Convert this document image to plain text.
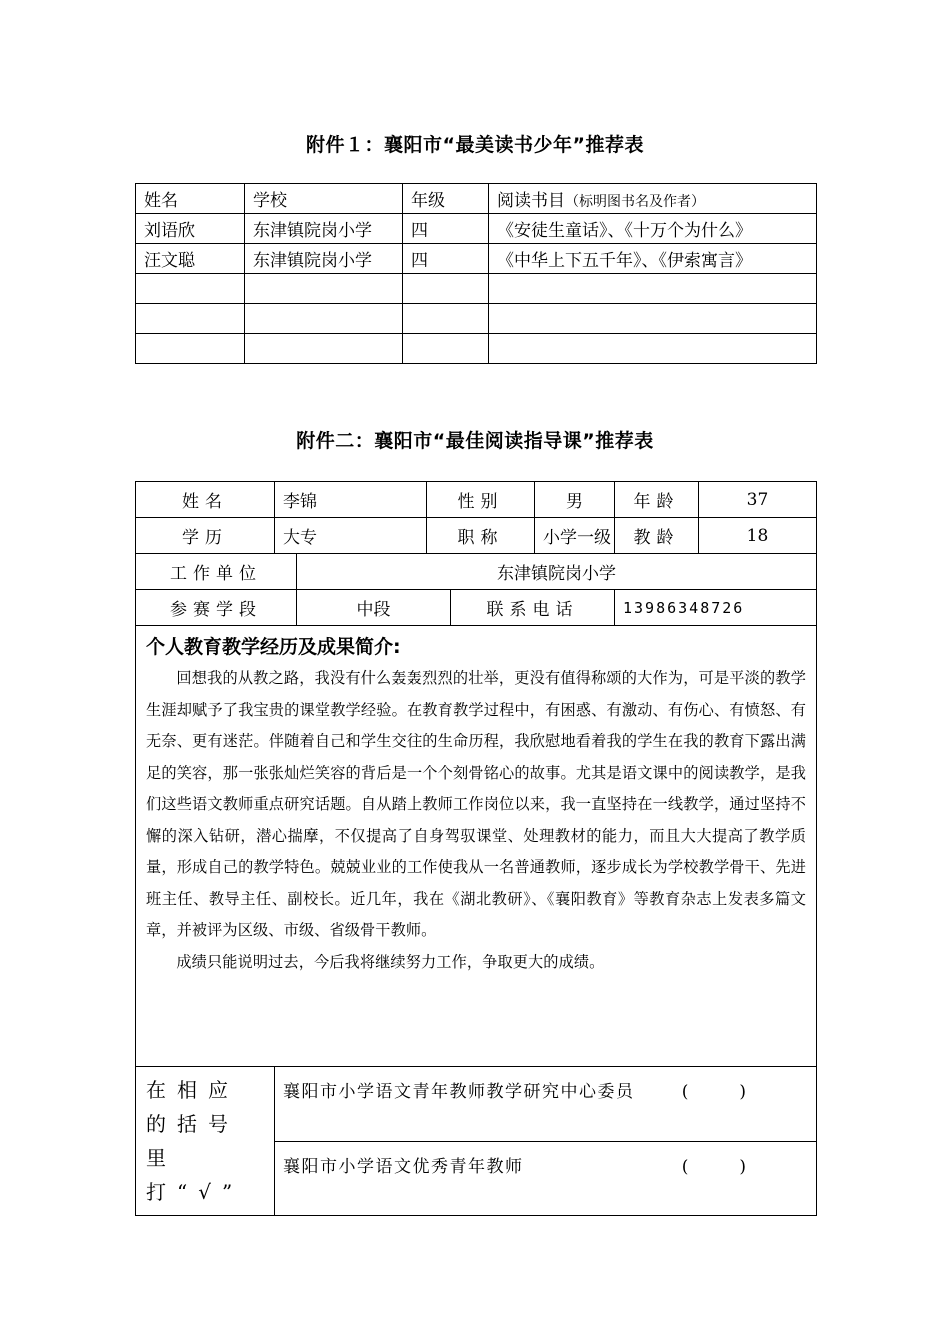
附件１：襄阳市“最美读书少年”推荐表
姓名	学校	年级	阅读书目（标明图书名及作者）
刘语欣	东津镇院岗小学	四	《安徒生童话》、《十万个为什么》
汪文聪	东津镇院岗小学	四	《中华上下五千年》、《伊索寓言》

附件二：襄阳市“最佳阅读指导课”推荐表
姓名	李锦		性别		男	年龄	37
学历	大专		职称		小学一级	教龄	18
工作单位		东津镇院岗小学					
参赛学段		中段		联系电话		13986348726	

个人教育教学经历及成果简介:

回想我的从教之路，我没有什么轰轰烈烈的壮举，更没有值得称颂的大作为，可是平淡的教学生涯却赋予了我宝贵的课堂教学经验。在教育教学过程中，有困惑、有激动、有伤心、有愤怒、有无奈、更有迷茫。伴随着自己和学生交往的生命历程，我欣慰地看着我的学生在我的教育下露出满足的笑容，那一张张灿烂笑容的背后是一个个刻骨铭心的故事。尤其是语文课中的阅读教学，是我们这些语文教师重点研究话题。自从踏上教师工作岗位以来，我一直坚持在一线教学，通过坚持不懈的深入钻研，潜心揣摩，不仅提高了自身驾驭课堂、处理教材的能力，而且大大提高了教学质量，形成自己的教学特色。兢兢业业的工作使我从一名普通教师，逐步成长为学校教学骨干、先进班主任、教导主任、副校长。近几年，我在《湖北教研》、《襄阳教育》等教育杂志上发表多篇文章，并被评为区级、市级、省级骨干教师。

成绩只能说明过去，今后我将继续努力工作，争取更大的成绩。							

在相应的括号里打“√”	襄阳市小学语文青年教师教学研究中心委员 (　　　)						

	襄阳市小学语文优秀青年教师 (　　　)						
